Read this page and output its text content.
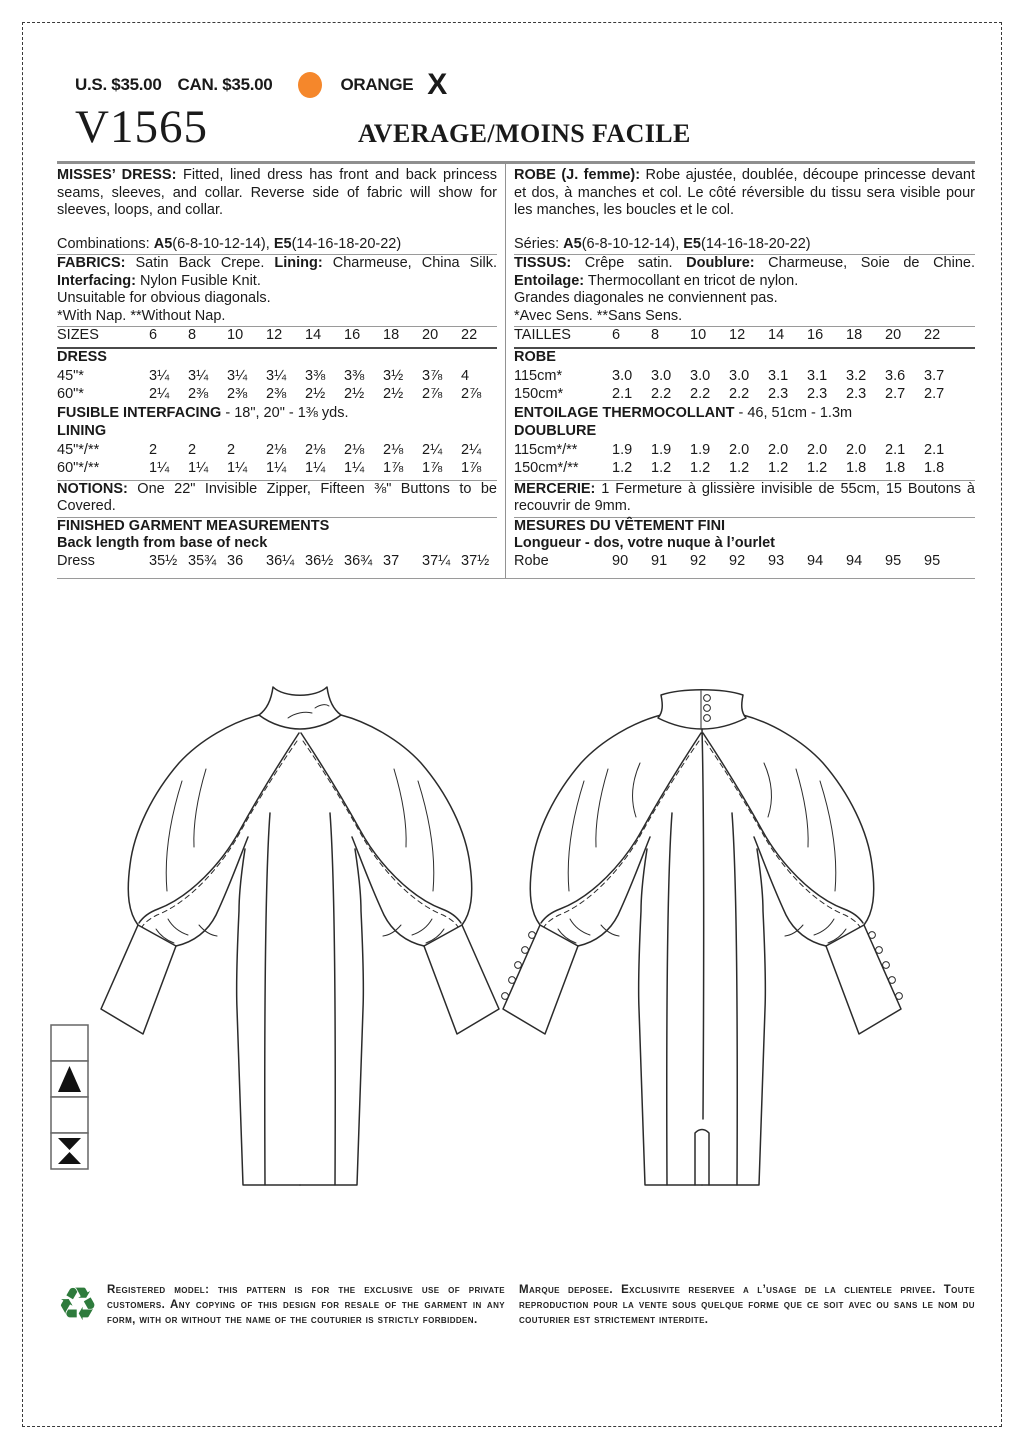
U.S. $35.00 CAN. $35.00	ORANGE X
V1565	AVERAGE/MOINS FACILE

MISSES’ DRESS: Fitted, lined dress has front and back princess seams, sleeves, and collar. Reverse side of fabric will show for sleeves, loops, and collar.

Combinations: A5(6-8-10-12-14), E5(14-16-18-20-22)

FABRICS: Satin Back Crepe. Lining: Charmeuse, China Silk. Interfacing: Nylon Fusible Knit.

Unsuitable for obvious diagonals.

*With Nap. **Without Nap.

SIZES	6	8	10	12	14	16	18	20	22
DRESS
45"*	3¼	3¼	3¼	3¼	3⅜	3⅜	3½	3⅞	4
60"*	2¼	2⅜	2⅜	2⅜	2½	2½	2½	2⅞	2⅞
FUSIBLE INTERFACING - 18", 20" - 1⅜ yds.
LINING
45"*/**	2	2	2	2⅛	2⅛	2⅛	2⅛	2¼	2¼
60"*/**	1¼	1¼	1¼	1¼	1¼	1¼	1⅞	1⅞	1⅞

NOTIONS: One 22" Invisible Zipper, Fifteen ⅜" Buttons to be Covered.

FINISHED GARMENT MEASUREMENTS

Back length from base of neck

Dress	35½ 35¾ 36	36¼ 36½ 36¾ 37	37¼ 37½

ROBE (J. femme): Robe ajustée, doublée, découpe princesse devant et dos, à manches et col. Le côté réversible du tissu sera visible pour les manches, les boucles et le col.

Séries: A5(6-8-10-12-14), E5(14-16-18-20-22)

TISSUS: Crêpe satin. Doublure: Charmeuse, Soie de Chine. Entoilage: Thermocollant en tricot de nylon.

Grandes diagonales ne conviennent pas.

*Avec Sens. **Sans Sens.

TAILLES	6	8	10	12	14	16	18	20	22
ROBE
115cm*	3.0	3.0	3.0	3.0	3.1	3.1	3.2	3.6	3.7
150cm*	2.1	2.2	2.2	2.2	2.3	2.3	2.3	2.7	2.7
ENTOILAGE THERMOCOLLANT - 46, 51cm - 1.3m
DOUBLURE
115cm*/**	1.9	1.9	1.9	2.0	2.0	2.0	2.0	2.1	2.1
150cm*/**	1.2	1.2	1.2	1.2	1.2	1.2	1.8	1.8	1.8

MERCERIE: 1 Fermeture à glissière invisible de 55cm, 15 Boutons à recouvrir de 9mm.

MESURES DU VÊTEMENT FINI

Longueur - dos, votre nuque à l’ourlet

Robe	90	91	92	92	93	94	94	95	95
♻ Registered model: this pattern is for the exclusive use of private customers. Any copying of this design for resale of the garment in any form, with or without the name of the couturier is strictly forbidden.
Marque deposee. Exclusivite reservee a l’usage de la clientele privee. Toute reproduction pour la vente sous quelque forme que ce soit avec ou sans le nom du couturier est strictement interdite.
